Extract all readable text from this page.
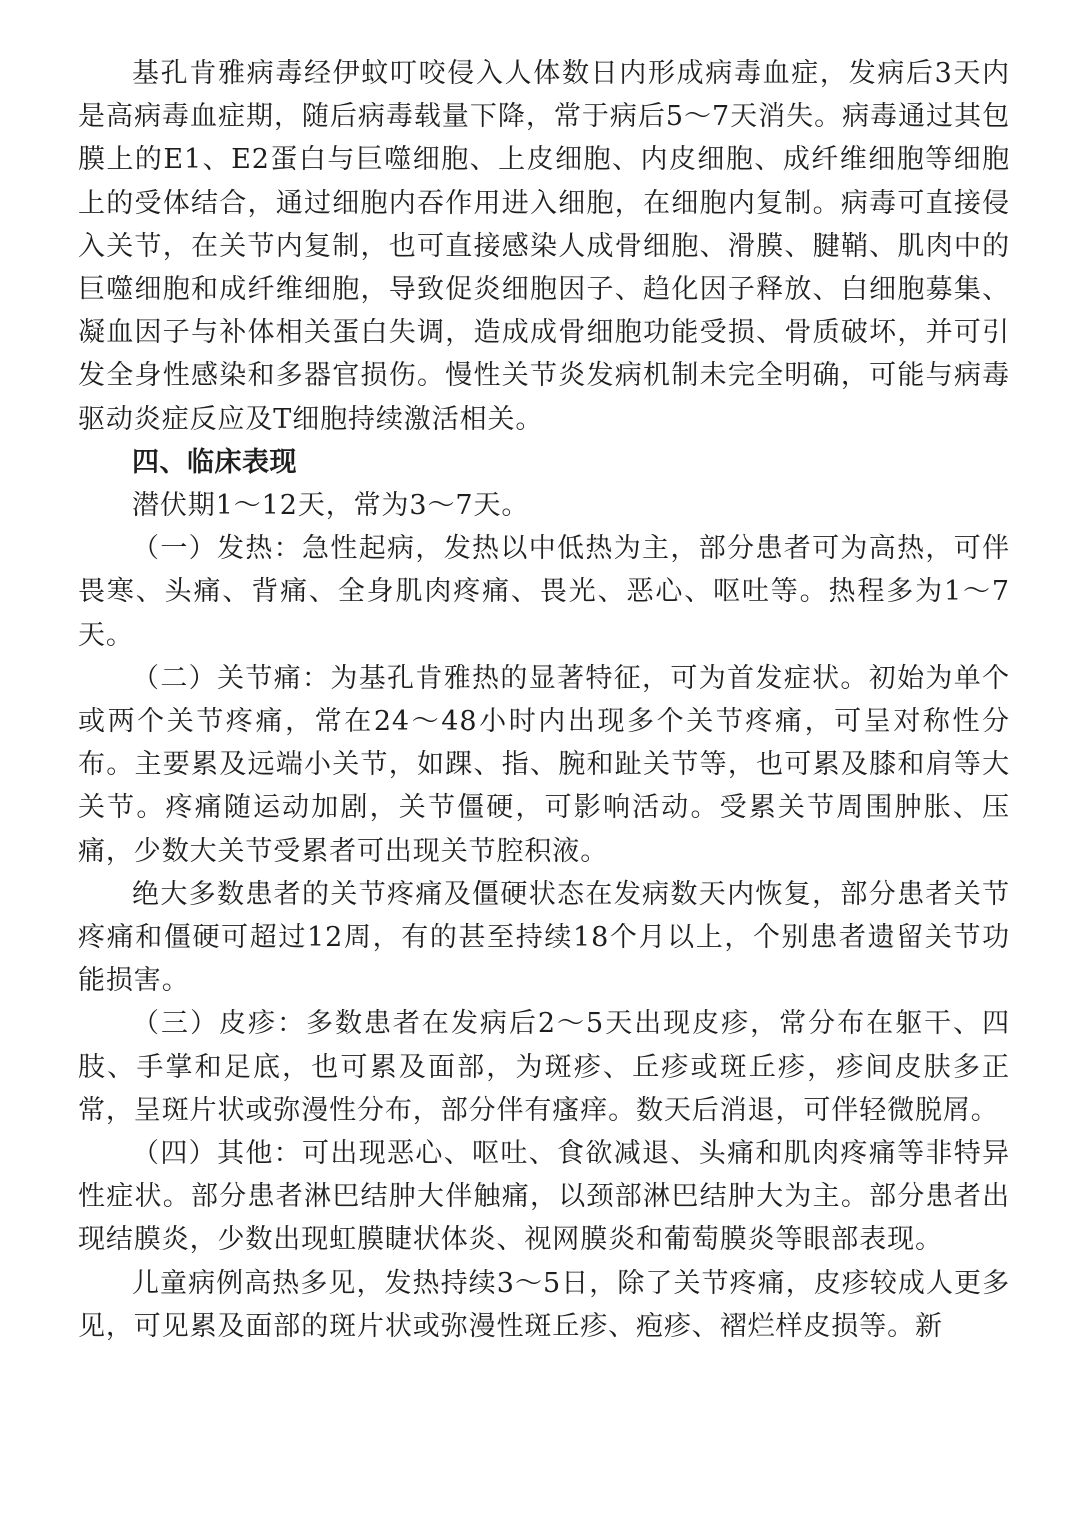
基孔肯雅病毒经伊蚊叮咬侵入人体数日内形成病毒血症，发病后3天内是高病毒血症期，随后病毒载量下降，常于病后5～7天消失。病毒通过其包膜上的E1、E2蛋白与巨噬细胞、上皮细胞、内皮细胞、成纤维细胞等细胞上的受体结合，通过细胞内吞作用进入细胞，在细胞内复制。病毒可直接侵入关节，在关节内复制，也可直接感染人成骨细胞、滑膜、腱鞘、肌肉中的巨噬细胞和成纤维细胞，导致促炎细胞因子、趋化因子释放、白细胞募集、凝血因子与补体相关蛋白失调，造成成骨细胞功能受损、骨质破坏，并可引发全身性感染和多器官损伤。慢性关节炎发病机制未完全明确，可能与病毒驱动炎症反应及T细胞持续激活相关。

四、临床表现

潜伏期1～12天，常为3～7天。

（一）发热：急性起病，发热以中低热为主，部分患者可为高热，可伴畏寒、头痛、背痛、全身肌肉疼痛、畏光、恶心、呕吐等。热程多为1～7天。

（二）关节痛：为基孔肯雅热的显著特征，可为首发症状。初始为单个或两个关节疼痛，常在24～48小时内出现多个关节疼痛，可呈对称性分布。主要累及远端小关节，如踝、指、腕和趾关节等，也可累及膝和肩等大关节。疼痛随运动加剧，关节僵硬，可影响活动。受累关节周围肿胀、压痛，少数大关节受累者可出现关节腔积液。

绝大多数患者的关节疼痛及僵硬状态在发病数天内恢复，部分患者关节疼痛和僵硬可超过12周，有的甚至持续18个月以上，个别患者遗留关节功能损害。

（三）皮疹：多数患者在发病后2～5天出现皮疹，常分布在躯干、四肢、手掌和足底，也可累及面部，为斑疹、丘疹或斑丘疹，疹间皮肤多正常，呈斑片状或弥漫性分布，部分伴有瘙痒。数天后消退，可伴轻微脱屑。

（四）其他：可出现恶心、呕吐、食欲减退、头痛和肌肉疼痛等非特异性症状。部分患者淋巴结肿大伴触痛，以颈部淋巴结肿大为主。部分患者出现结膜炎，少数出现虹膜睫状体炎、视网膜炎和葡萄膜炎等眼部表现。

儿童病例高热多见，发热持续3～5日，除了关节疼痛，皮疹较成人更多见，可见累及面部的斑片状或弥漫性斑丘疹、疱疹、褶烂样皮损等。新
